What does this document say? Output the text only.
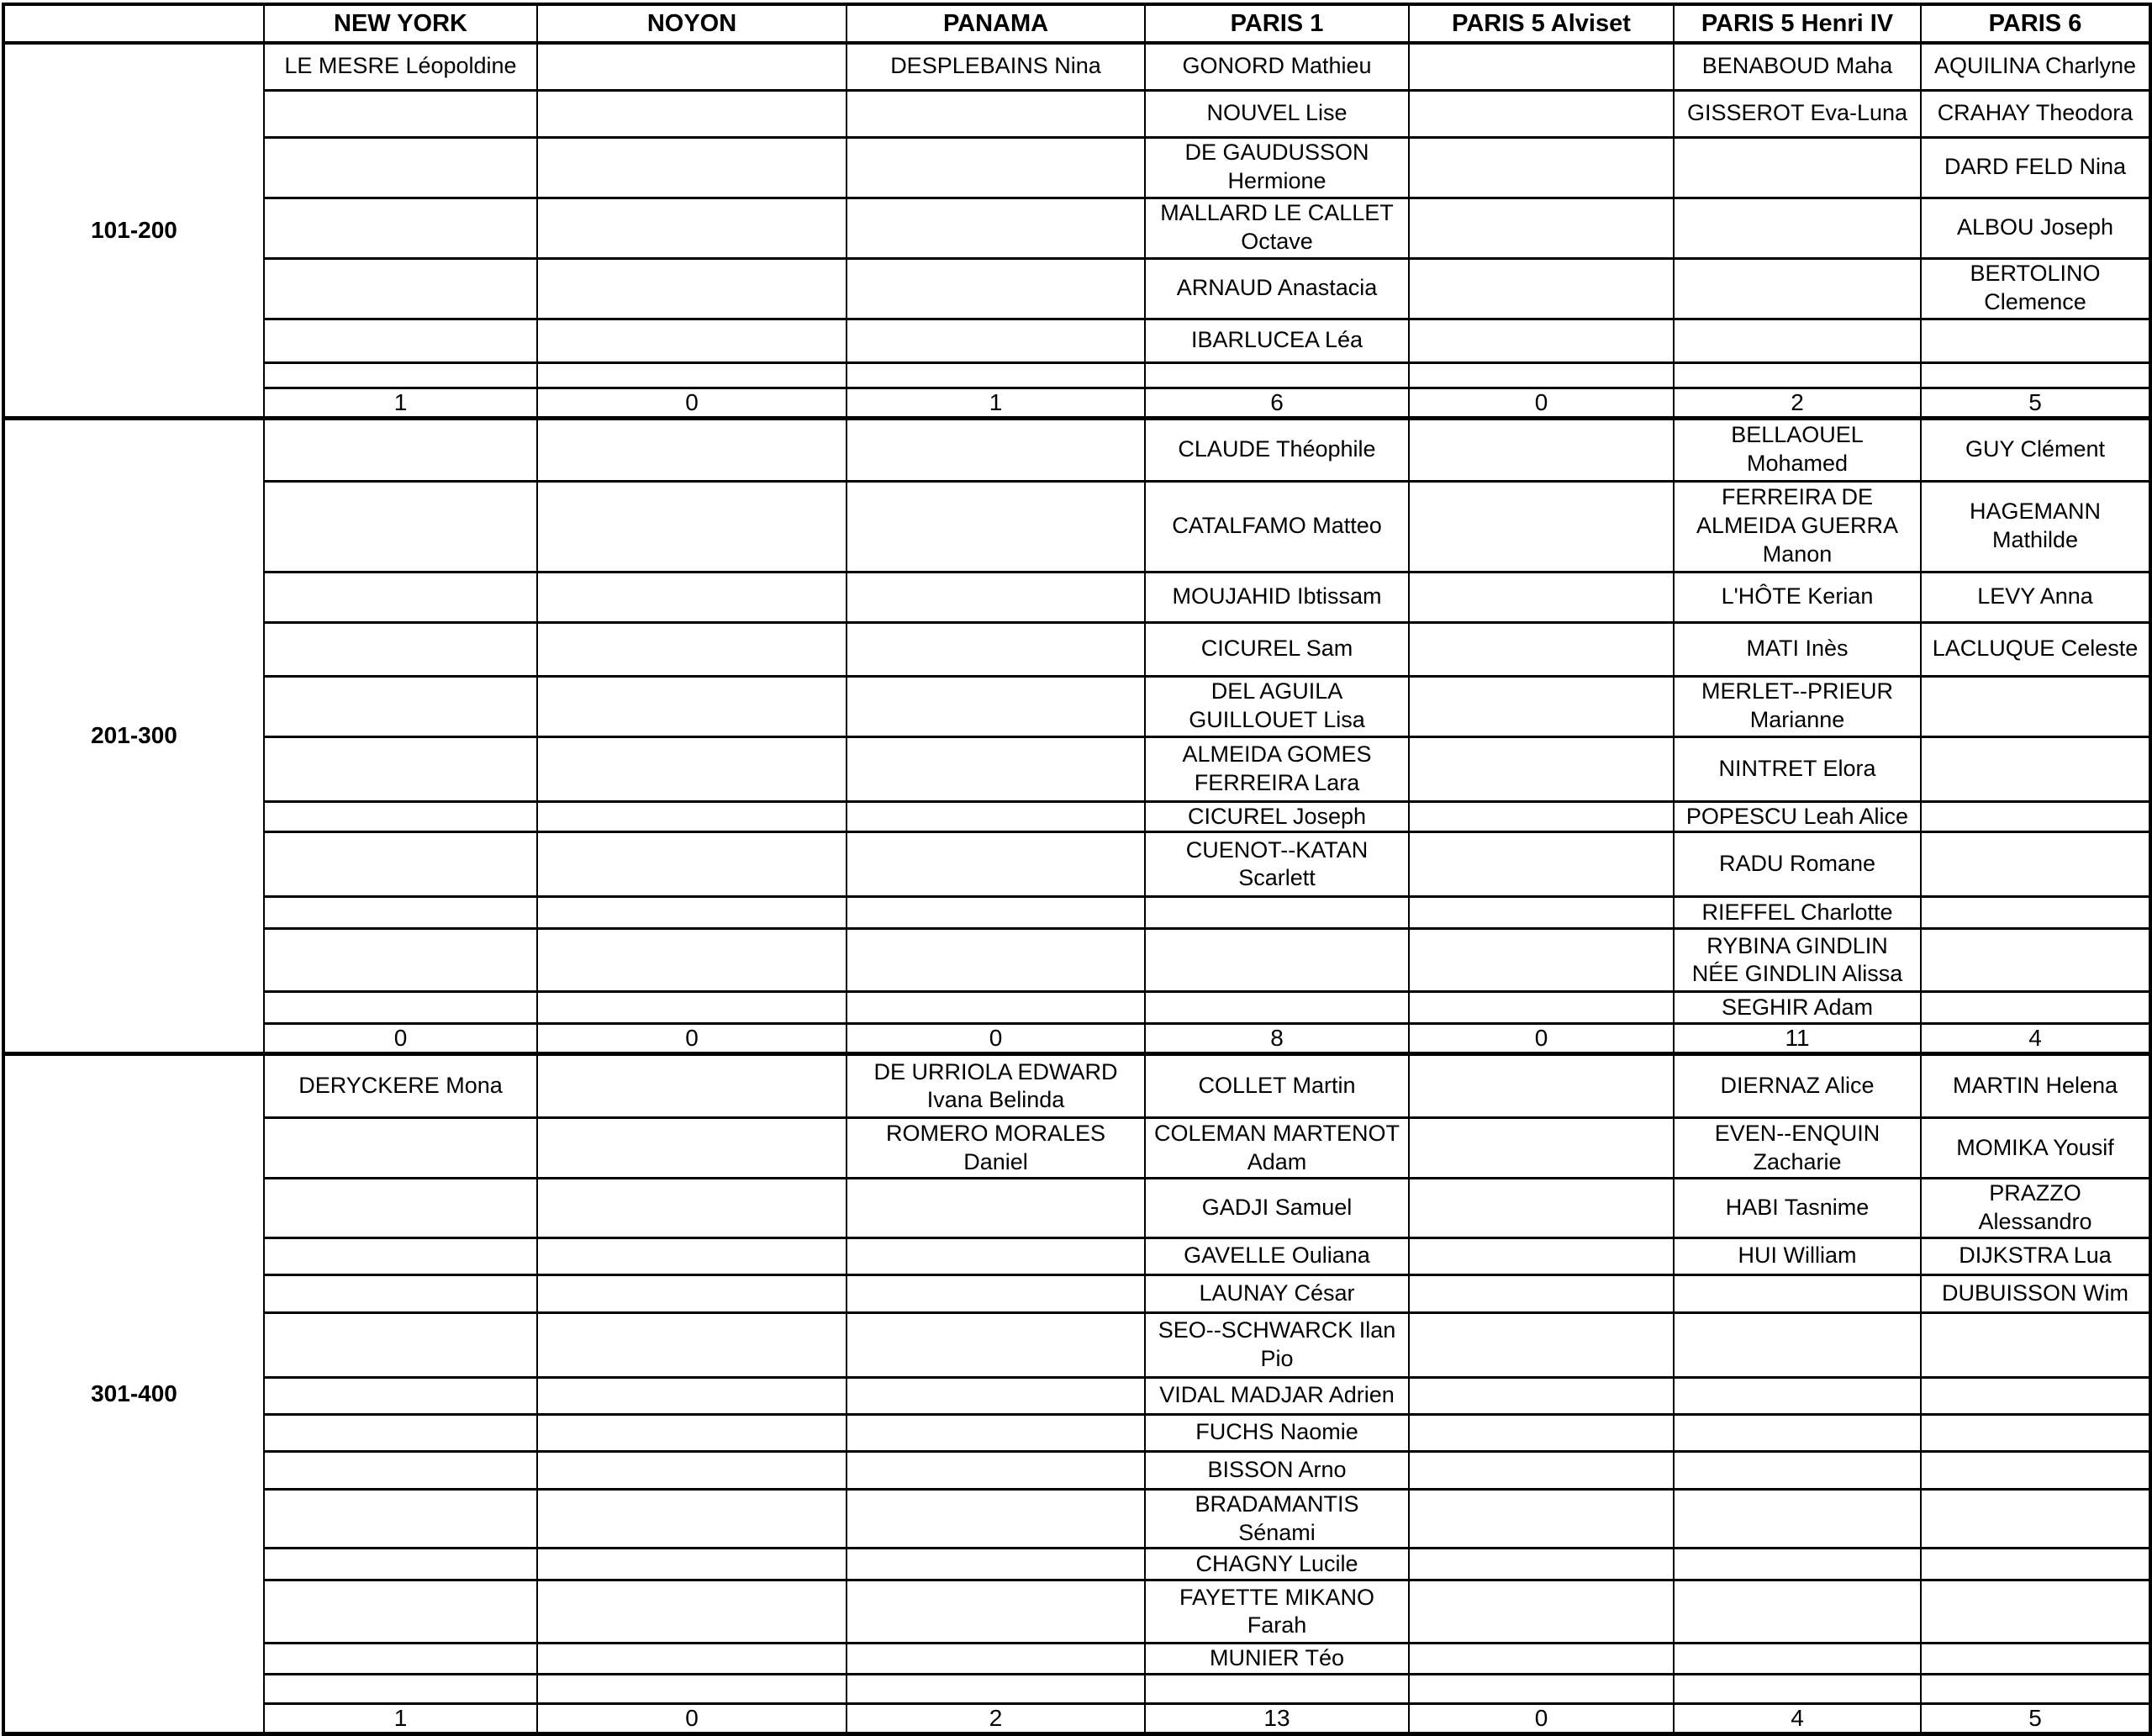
	NEW YORK	NOYON	PANAMA	PARIS 1	PARIS 5 Alviset	PARIS 5 Henri IV	PARIS 6
101-200	LE MESRE Léopoldine		DESPLEBAINS Nina	GONORD Mathieu		BENABOUD Maha	AQUILINA Charlyne
				NOUVEL Lise		GISSEROT Eva-Luna	CRAHAY Theodora
				DE GAUDUSSON Hermione			DARD FELD Nina
				MALLARD LE CALLET Octave			ALBOU Joseph
				ARNAUD Anastacia			BERTOLINO Clemence
				IBARLUCEA Léa			

	1	0	1	6	0	2	5
201-300				CLAUDE Théophile		BELLAOUEL Mohamed	GUY Clément
				CATALFAMO Matteo		FERREIRA DE ALMEIDA GUERRA Manon	HAGEMANN Mathilde
				MOUJAHID Ibtissam		L'HÔTE Kerian	LEVY Anna
				CICUREL Sam		MATI Inès	LACLUQUE Celeste
				DEL AGUILA GUILLOUET Lisa		MERLET--PRIEUR Marianne	
				ALMEIDA GOMES FERREIRA Lara		NINTRET Elora	
				CICUREL Joseph		POPESCU Leah Alice	
				CUENOT--KATAN Scarlett		RADU Romane	
						RIEFFEL Charlotte	
						RYBINA GINDLIN NÉE GINDLIN Alissa	
						SEGHIR Adam	
	0	0	0	8	0	11	4
301-400	DERYCKERE Mona		DE URRIOLA EDWARD Ivana Belinda	COLLET Martin		DIERNAZ Alice	MARTIN Helena
			ROMERO MORALES Daniel	COLEMAN MARTENOT Adam		EVEN--ENQUIN Zacharie	MOMIKA Yousif
				GADJI Samuel		HABI Tasnime	PRAZZO Alessandro
				GAVELLE Ouliana		HUI William	DIJKSTRA Lua
				LAUNAY César			DUBUISSON Wim
				SEO--SCHWARCK Ilan Pio			
				VIDAL MADJAR Adrien			
				FUCHS Naomie			
				BISSON Arno			
				BRADAMANTIS Sénami			
				CHAGNY Lucile			
				FAYETTE MIKANO Farah			
				MUNIER Téo			

	1	0	2	13	0	4	5
